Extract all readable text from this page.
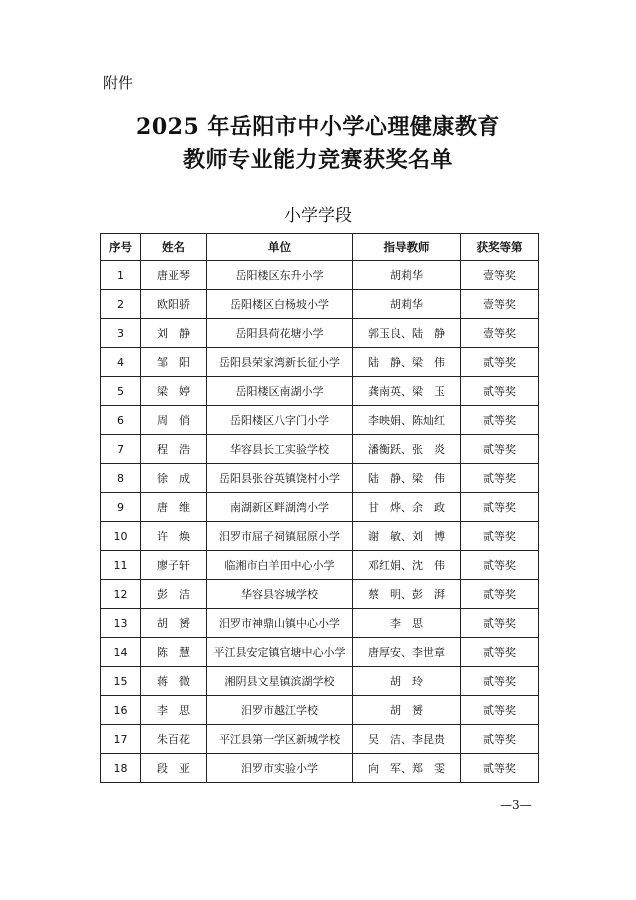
附件
2025 年岳阳市中小学心理健康教育
教师专业能力竞赛获奖名单
小学学段
序号	姓名	单位	指导教师	获奖等第
1	唐亚琴	岳阳楼区东升小学	胡莉华	壹等奖
2	欧阳骄	岳阳楼区白杨坡小学	胡莉华	壹等奖
3	刘　静	岳阳县荷花塘小学	郭玉良、陆　静	壹等奖
4	邹　阳	岳阳县荣家湾新长征小学	陆　静、梁　伟	贰等奖
5	梁　婷	岳阳楼区南湖小学	龚南英、梁　玉	贰等奖
6	周　俏	岳阳楼区八字门小学	李映娟、陈灿红	贰等奖
7	程　浩	华容县长工实验学校	潘衡跃、张　炎	贰等奖
8	徐　成	岳阳县张谷英镇饶村小学	陆　静、梁　伟	贰等奖
9	唐　维	南湖新区畔湖湾小学	甘　烨、余　政	贰等奖
10	许　焕	汨罗市屈子祠镇屈原小学	谢　敏、刘　博	贰等奖
11	廖子轩	临湘市白羊田中心小学	邓红娟、沈　伟	贰等奖
12	彭　洁	华容县容城学校	蔡　明、彭　湃	贰等奖
13	胡　赟	汨罗市神鼎山镇中心小学	李　思	贰等奖
14	陈　慧	平江县安定镇官塘中心小学	唐厚安、李世章	贰等奖
15	蒋　微	湘阴县文星镇滨湖学校	胡　玲	贰等奖
16	李　思	汨罗市越江学校	胡　赟	贰等奖
17	朱百花	平江县第一学区新城学校	吴　洁、李昆贵	贰等奖
18	段　亚	汨罗市实验小学	向　军、郑　雯	贰等奖
—3—
